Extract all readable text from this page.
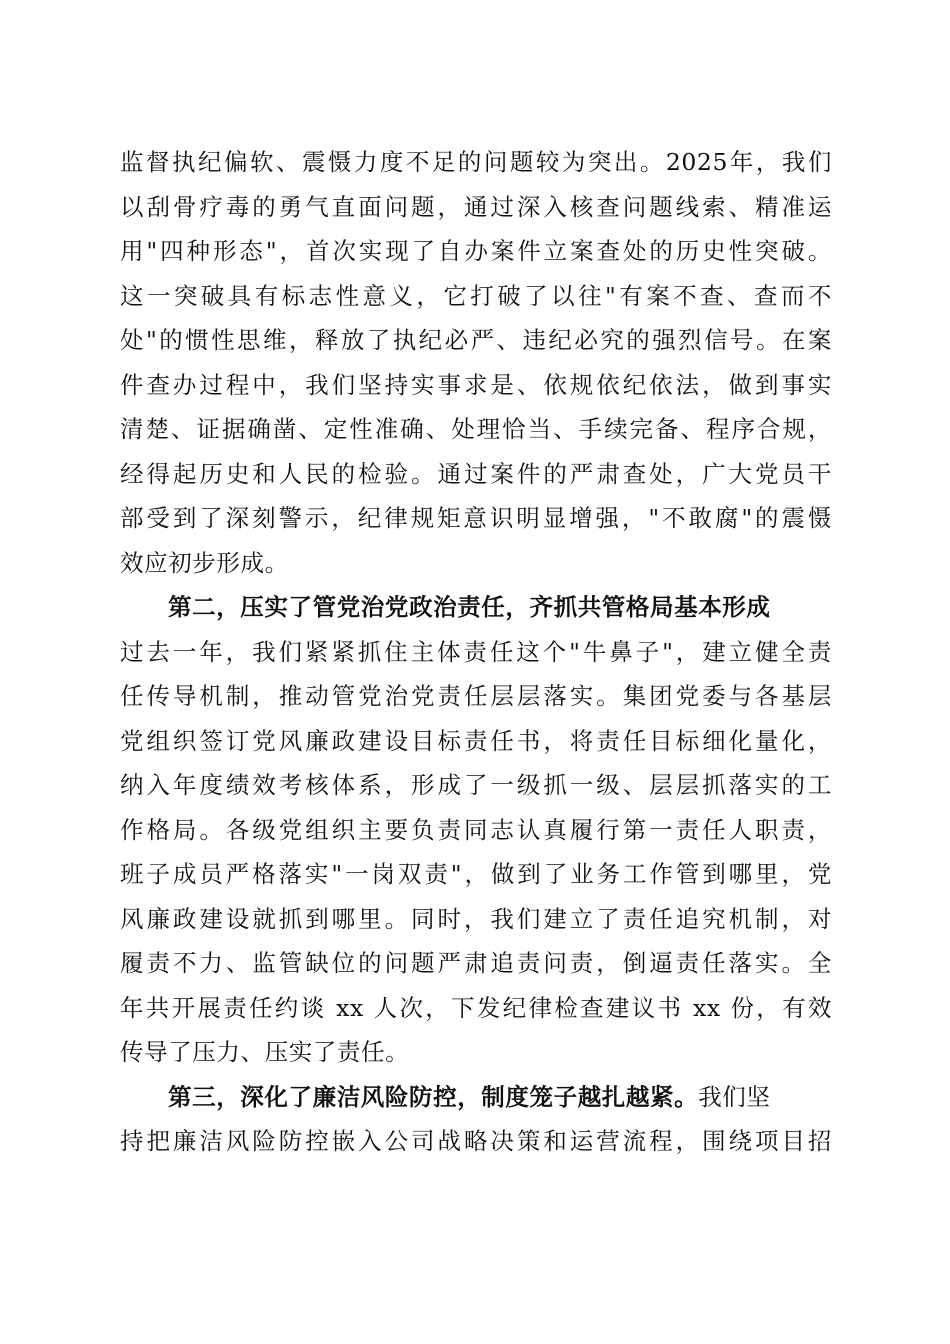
监督执纪偏软、震慑力度不足的问题较为突出。2025年，我们
以刮骨疗毒的勇气直面问题，通过深入核查问题线索、精准运
用"四种形态"，首次实现了自办案件立案查处的历史性突破。
这一突破具有标志性意义，它打破了以往"有案不查、查而不
处"的惯性思维，释放了执纪必严、违纪必究的强烈信号。在案
件查办过程中，我们坚持实事求是、依规依纪依法，做到事实
清楚、证据确凿、定性准确、处理恰当、手续完备、程序合规，
经得起历史和人民的检验。通过案件的严肃查处，广大党员干
部受到了深刻警示，纪律规矩意识明显增强，"不敢腐"的震慑
效应初步形成。
第二，压实了管党治党政治责任，齐抓共管格局基本形成
过去一年，我们紧紧抓住主体责任这个"牛鼻子"，建立健全责
任传导机制，推动管党治党责任层层落实。集团党委与各基层
党组织签订党风廉政建设目标责任书，将责任目标细化量化，
纳入年度绩效考核体系，形成了一级抓一级、层层抓落实的工
作格局。各级党组织主要负责同志认真履行第一责任人职责，
班子成员严格落实"一岗双责"，做到了业务工作管到哪里，党
风廉政建设就抓到哪里。同时，我们建立了责任追究机制，对
履责不力、监管缺位的问题严肃追责问责，倒逼责任落实。全
年共开展责任约谈 xx 人次，下发纪律检查建议书 xx 份，有效
传导了压力、压实了责任。
第三，深化了廉洁风险防控，制度笼子越扎越紧。我们坚
持把廉洁风险防控嵌入公司战略决策和运营流程，围绕项目招
